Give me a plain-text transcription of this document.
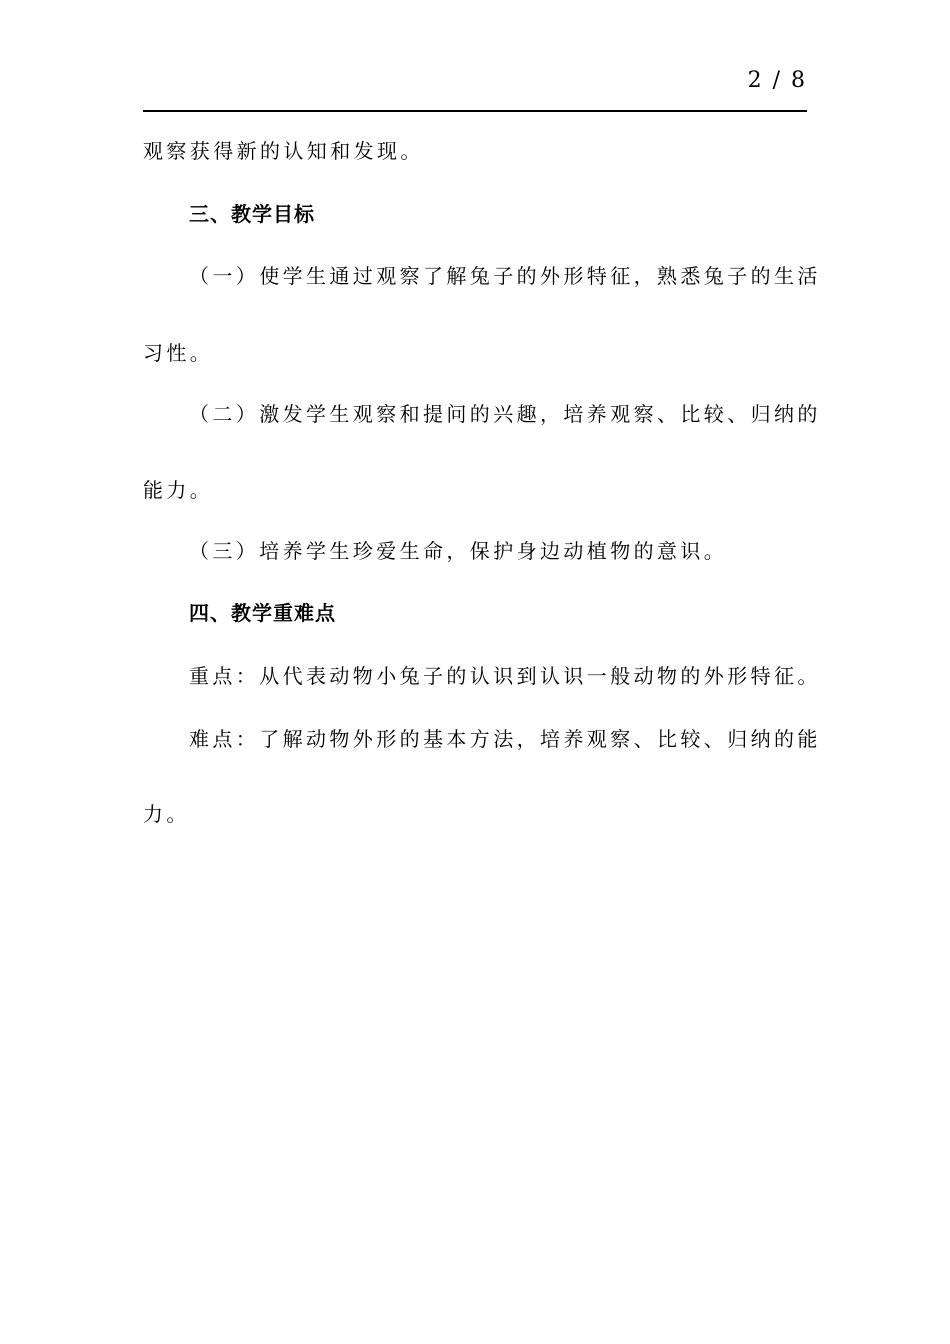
2 / 8
观察获得新的认知和发现。
三、教学目标
（一）使学生通过观察了解兔子的外形特征，熟悉兔子的生活
习性。
（二）激发学生观察和提问的兴趣，培养观察、比较、归纳的
能力。
（三）培养学生珍爱生命，保护身边动植物的意识。
四、教学重难点
重点：从代表动物小兔子的认识到认识一般动物的外形特征。
难点：了解动物外形的基本方法，培养观察、比较、归纳的能
力。
